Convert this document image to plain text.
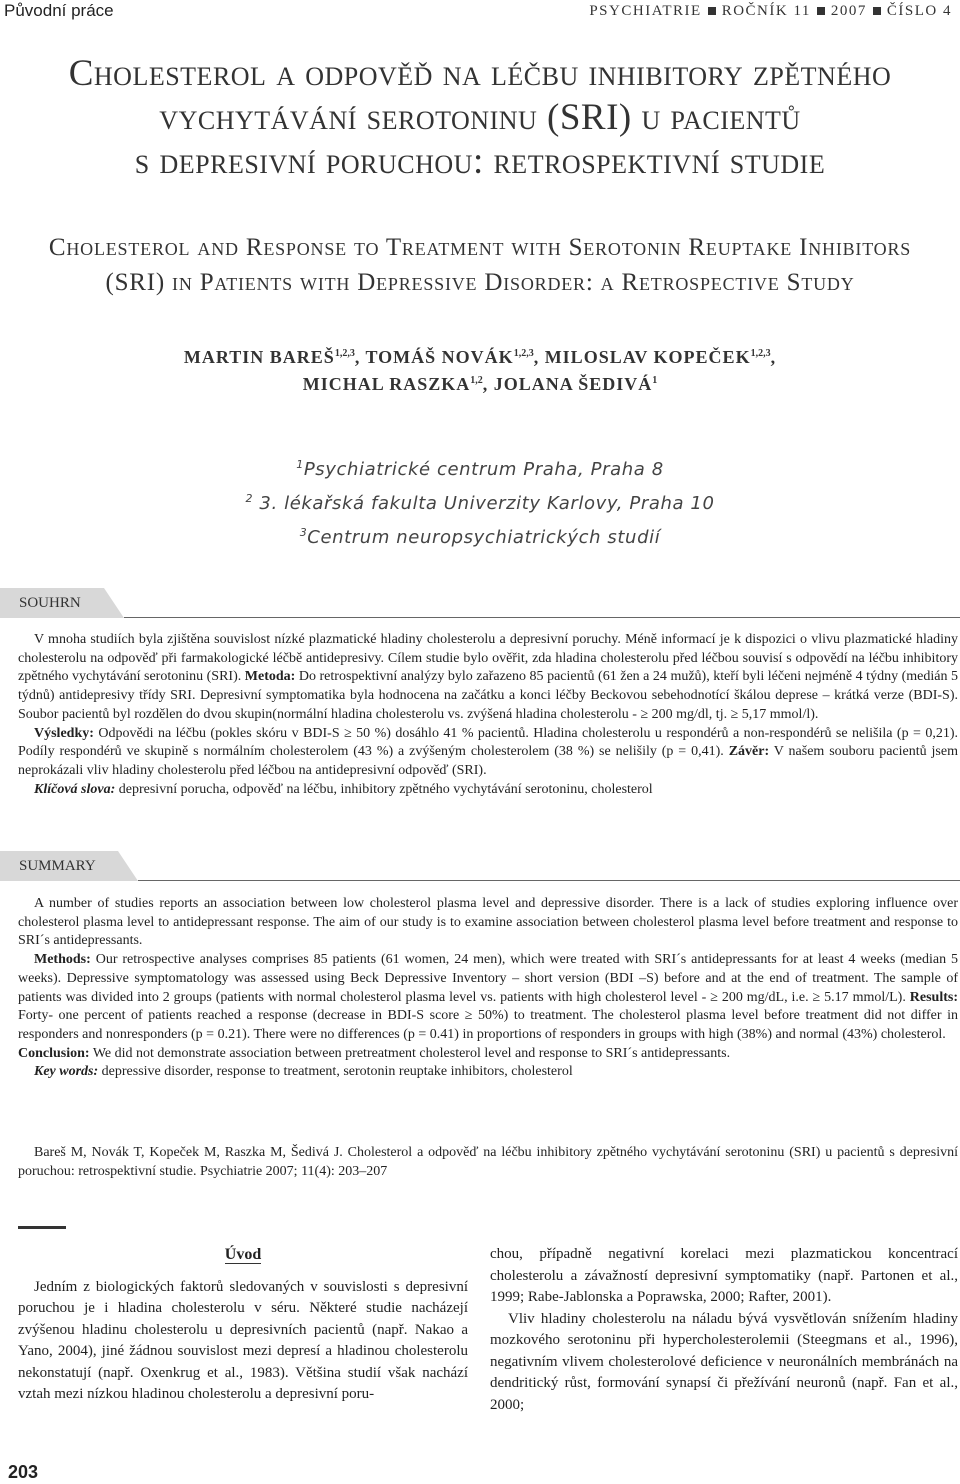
Původní práce	PSYCHIATRIE ROČNÍK 11 2007 ČÍSLO 4
Cholesterol a odpověď na léčbu inhibitory zpětného
vychytávání serotoninu (SRI) u pacientů
s depresivní poruchou: retrospektivní studie
Cholesterol and Response to Treatment with Serotonin Reuptake Inhibitors
(SRI) in Patients with Depressive Disorder: a Retrospective Study
MARTIN BAREŠ$^{1,2,3}$, TOMÁŠ NOVÁK$^{1,2,3}$, MILOSLAV KOPEČEK$^{1,2,3}$,
MICHAL RASZKA$^{1,2}$, JOLANA ŠEDIVÁ$^1$
$^1$Psychiatrické centrum Praha, Praha 8
$^2$ 3. lékařská fakulta Univerzity Karlovy, Praha 10
$^3$Centrum neuropsychiatrických studií
SOUHRN

V mnoha studiích byla zjištěna souvislost nízké plazmatické hladiny cholesterolu a depresivní poruchy. Méně informací je k dispozici o vlivu plazmatické hladiny cholesterolu na odpověď při farmakologické léčbě antidepresivy. Cílem studie bylo ověřit, zda hladina cholesterolu před léčbou souvisí s odpovědí na léčbu inhibitory zpětného vychytávání serotoninu (SRI). Metoda: Do retrospektivní analýzy bylo zařazeno 85 pacientů (61 žen a 24 mužů), kteří byli léčeni nejméně 4 týdny (medián 5 týdnů) antidepresivy třídy SRI. Depresivní symptomatika byla hodnocena na začátku a konci léčby Beckovou sebehodnotící škálou deprese – krátká verze (BDI-S). Soubor pacientů byl rozdělen do dvou skupin(normální hladina cholesterolu vs. zvýšená hladina cholesterolu - ≥ 200 mg/dl, tj. ≥ 5,17 mmol/l).

Výsledky: Odpovědi na léčbu (pokles skóru v BDI-S ≥ 50 %) dosáhlo 41 % pacientů. Hladina cholesterolu u respondérů a non-respondérů se nelišila (p = 0,21). Podíly respondérů ve skupině s normálním cholesterolem (43 %) a zvýšeným cholesterolem (38 %) se nelišily (p = 0,41). Závěr: V našem souboru pacientů jsem neprokázali vliv hladiny cholesterolu před léčbou na antidepresivní odpověď (SRI).

Klíčová slova: depresivní porucha, odpověď na léčbu, inhibitory zpětného vychytávání serotoninu, cholesterol

SUMMARY

A number of studies reports an association between low cholesterol plasma level and depressive disorder. There is a lack of studies exploring influence over cholesterol plasma level to antidepressant response. The aim of our study is to examine association between cholesterol plasma level before treatment and response to SRI´s antidepressants.

Methods: Our retrospective analyses comprises 85 patients (61 women, 24 men), which were treated with SRI´s antidepressants for at least 4 weeks (median 5 weeks). Depressive symptomatology was assessed using Beck Depressive Inventory – short version (BDI –S) before and at the end of treatment. The sample of patients was divided into 2 groups (patients with normal cholesterol plasma level vs. patients with high cholesterol level - ≥ 200 mg/dL, i.e. ≥ 5.17 mmol/L). Results: Forty- one percent of patients reached a response (decrease in BDI-S score ≥ 50%) to treatment. The cholesterol plasma level before treatment did not differ in responders and nonresponders (p = 0.21). There were no differences (p = 0.41) in proportions of responders in groups with high (38%) and normal (43%) cholesterol.

Conclusion: We did not demonstrate association between pretreatment cholesterol level and response to SRI´s antidepressants.

Key words: depressive disorder, response to treatment, serotonin reuptake inhibitors, cholesterol

Bareš M, Novák T, Kopeček M, Raszka M, Šedivá J. Cholesterol a odpověď na léčbu inhibitory zpětného vychytávání serotoninu (SRI) u pacientů s depresivní poruchou: retrospektivní studie. Psychiatrie 2007; 11(4): 203–207
Úvod

Jedním z biologických faktorů sledovaných v souvislosti s depresivní poruchou je i hladina cholesterolu v séru. Některé studie nacházejí zvýšenou hladinu cholesterolu u depresivních pacientů (např. Nakao a Yano, 2004), jiné žádnou souvislost mezi depresí a hladinou cholesterolu nekonstatují (např. Oxenkrug et al., 1983). Většina studií však nachází vztah mezi nízkou hladinou cholesterolu a depresivní poru-

chou, případně negativní korelaci mezi plazmatickou koncentrací cholesterolu a závažností depresivní symptomatiky (např. Partonen et al., 1999; Rabe-Jablonska a Poprawska, 2000; Rafter, 2001).

Vliv hladiny cholesterolu na náladu bývá vysvětlován snížením hladiny mozkového serotoninu při hypercholesterolemii (Steegmans et al., 1996), negativním vlivem cholesterolové deficience v neuronálních membránách na dendritický růst, formování synapsí či přežívání neuronů (např. Fan et al., 2000;

203
